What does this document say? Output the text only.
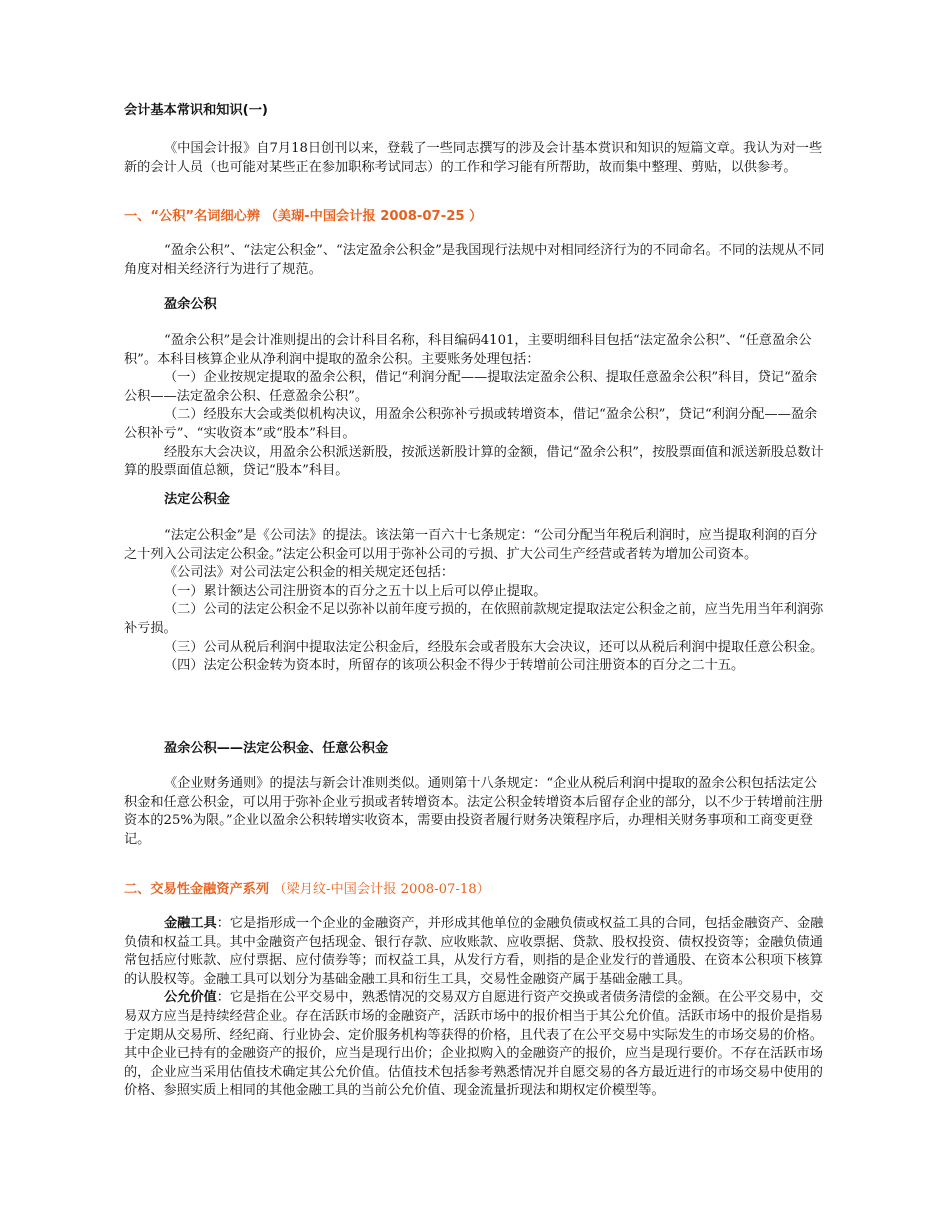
会计基本常识和知识(一)

《中国会计报》自7月18日创刊以来，登载了一些同志撰写的涉及会计基本赏识和知识的短篇文章。我认为对一些新的会计人员（也可能对某些正在参加职称考试同志）的工作和学习能有所帮助，故而集中整理、剪贴，以供参考。

一、“公积”名词细心辨 （美瑚-中国会计报 2008-07-25 ）

“盈余公积”、“法定公积金”、“法定盈余公积金”是我国现行法规中对相同经济行为的不同命名。不同的法规从不同角度对相关经济行为进行了规范。

盈余公积

“盈余公积”是会计准则提出的会计科目名称，科目编码4101，主要明细科目包括“法定盈余公积”、“任意盈余公积”。本科目核算企业从净利润中提取的盈余公积。主要账务处理包括：

（一）企业按规定提取的盈余公积，借记“利润分配——提取法定盈余公积、提取任意盈余公积”科目，贷记“盈余公积——法定盈余公积、任意盈余公积”。

（二）经股东大会或类似机构决议，用盈余公积弥补亏损或转增资本，借记“盈余公积”，贷记“利润分配——盈余公积补亏”、“实收资本”或“股本”科目。

经股东大会决议，用盈余公积派送新股，按派送新股计算的金额，借记“盈余公积”，按股票面值和派送新股总数计算的股票面值总额，贷记“股本”科目。

法定公积金

“法定公积金”是《公司法》的提法。该法第一百六十七条规定：“公司分配当年税后利润时，应当提取利润的百分之十列入公司法定公积金。”法定公积金可以用于弥补公司的亏损、扩大公司生产经营或者转为增加公司资本。

《公司法》对公司法定公积金的相关规定还包括：

（一）累计额达公司注册资本的百分之五十以上后可以停止提取。

（二）公司的法定公积金不足以弥补以前年度亏损的，在依照前款规定提取法定公积金之前，应当先用当年利润弥补亏损。

（三）公司从税后利润中提取法定公积金后，经股东会或者股东大会决议，还可以从税后利润中提取任意公积金。

（四）法定公积金转为资本时，所留存的该项公积金不得少于转增前公司注册资本的百分之二十五。

盈余公积——法定公积金、任意公积金

《企业财务通则》的提法与新会计准则类似。通则第十八条规定：“企业从税后利润中提取的盈余公积包括法定公积金和任意公积金，可以用于弥补企业亏损或者转增资本。法定公积金转增资本后留存企业的部分，以不少于转增前注册资本的25%为限。”企业以盈余公积转增实收资本，需要由投资者履行财务决策程序后，办理相关财务事项和工商变更登记。

二、交易性金融资产系列 （梁月纹-中国会计报 2008-07-18）

金融工具：它是指形成一个企业的金融资产，并形成其他单位的金融负债或权益工具的合同，包括金融资产、金融负债和权益工具。其中金融资产包括现金、银行存款、应收账款、应收票据、贷款、股权投资、债权投资等；金融负债通常包括应付账款、应付票据、应付债券等；而权益工具，从发行方看，则指的是企业发行的普通股、在资本公积项下核算的认股权等。金融工具可以划分为基础金融工具和衍生工具，交易性金融资产属于基础金融工具。

公允价值：它是指在公平交易中，熟悉情况的交易双方自愿进行资产交换或者债务清偿的金额。在公平交易中，交易双方应当是持续经营企业。存在活跃市场的金融资产，活跃市场中的报价相当于其公允价值。活跃市场中的报价是指易于定期从交易所、经纪商、行业协会、定价服务机构等获得的价格，且代表了在公平交易中实际发生的市场交易的价格。其中企业已持有的金融资产的报价，应当是现行出价；企业拟购入的金融资产的报价，应当是现行要价。不存在活跃市场的，企业应当采用估值技术确定其公允价值。估值技术包括参考熟悉情况并自愿交易的各方最近进行的市场交易中使用的价格、参照实质上相同的其他金融工具的当前公允价值、现金流量折现法和期权定价模型等。
